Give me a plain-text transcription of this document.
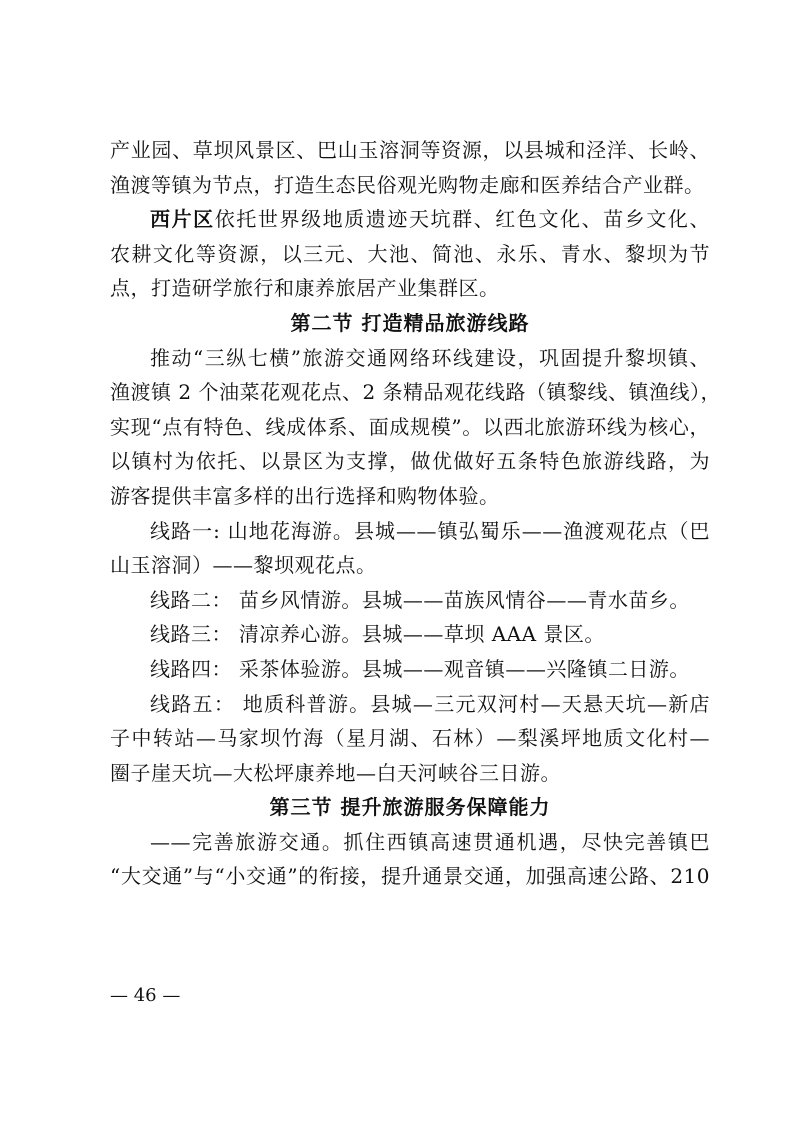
产业园、草坝风景区、巴山玉溶洞等资源，以县城和泾洋、长岭、
渔渡等镇为节点，打造生态民俗观光购物走廊和医养结合产业群。
西片区依托世界级地质遗迹天坑群、红色文化、苗乡文化、
农耕文化等资源，以三元、大池、简池、永乐、青水、黎坝为节
点，打造研学旅行和康养旅居产业集群区。
第二节 打造精品旅游线路
推动“三纵七横”旅游交通网络环线建设，巩固提升黎坝镇、
渔渡镇 2 个油菜花观花点、2 条精品观花线路（镇黎线、镇渔线），
实现“点有特色、线成体系、面成规模”。以西北旅游环线为核心，
以镇村为依托、以景区为支撑，做优做好五条特色旅游线路，为
游客提供丰富多样的出行选择和购物体验。
线路一: 山地花海游。县城——镇弘蜀乐——渔渡观花点（巴
山玉溶洞）——黎坝观花点。
线路二： 苗乡风情游。县城——苗族风情谷——青水苗乡。
线路三： 清凉养心游。县城——草坝 AAA 景区。
线路四： 采茶体验游。县城——观音镇——兴隆镇二日游。
线路五： 地质科普游。县城—三元双河村—天悬天坑—新店
子中转站—马家坝竹海（星月湖、石林）—梨溪坪地质文化村—
圈子崖天坑—大松坪康养地—白天河峡谷三日游。
第三节 提升旅游服务保障能力
——完善旅游交通。抓住西镇高速贯通机遇，尽快完善镇巴
“大交通”与“小交通”的衔接，提升通景交通，加强高速公路、210
— 46 —
